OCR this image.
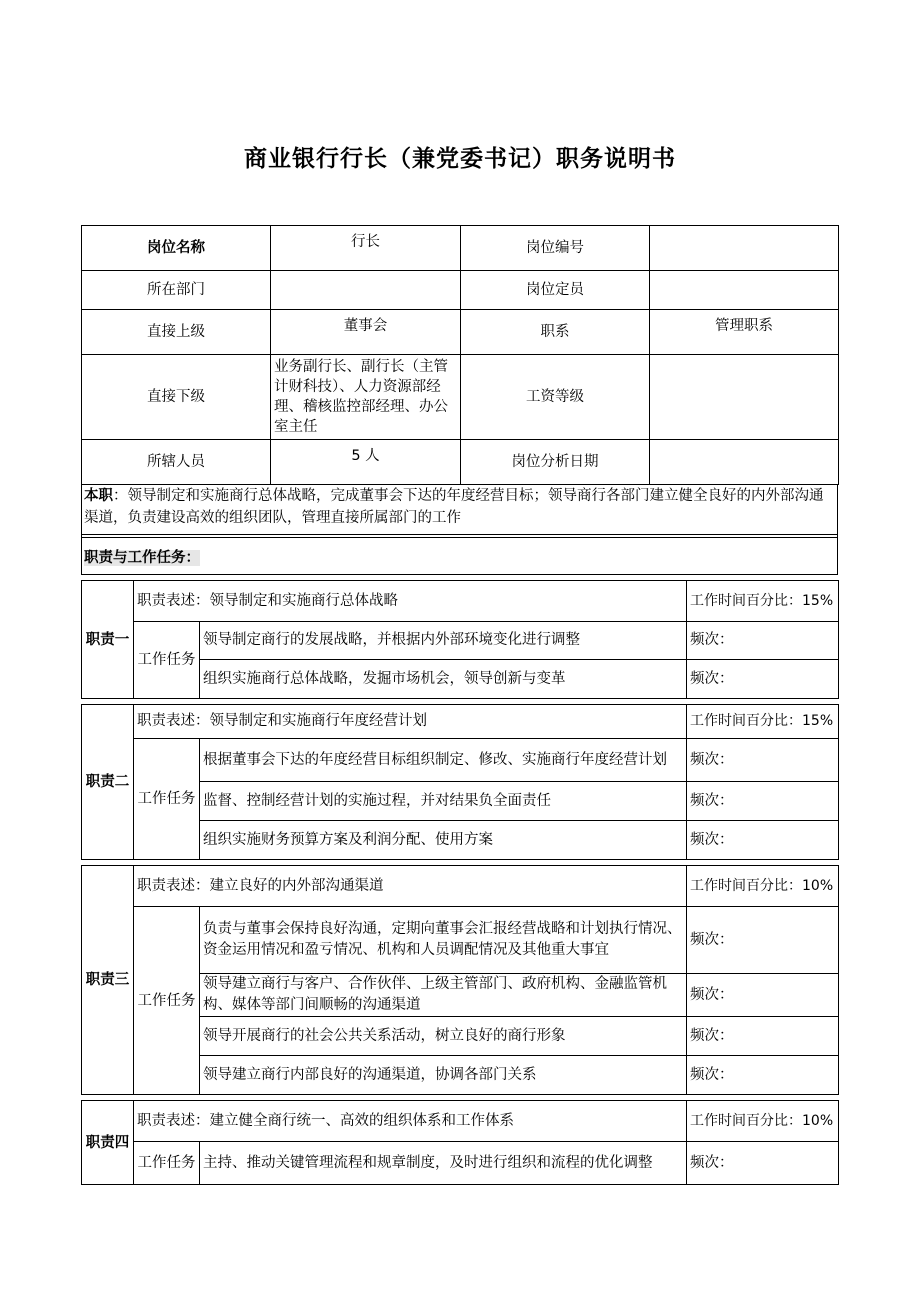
商业银行行长（兼党委书记）职务说明书
岗位名称	行长	岗位编号	
所在部门		岗位定员	
直接上级	董事会	职系	管理职系
直接下级	业务副行长、副行长（主管计财科技）、人力资源部经理、稽核监控部经理、办公室主任	工资等级	
所辖人员	5 人	岗位分析日期	
本职：领导制定和实施商行总体战略，完成董事会下达的年度经营目标；领导商行各部门建立健全良好的内外部沟通渠道，负责建设高效的组织团队，管理直接所属部门的工作
职责与工作任务：
职责一	职责表述：领导制定和实施商行总体战略		工作时间百分比：15%
	工作任务	领导制定商行的发展战略，并根据内外部环境变化进行调整	频次：
		组织实施商行总体战略，发掘市场机会，领导创新与变革	频次：
职责二	职责表述：领导制定和实施商行年度经营计划		工作时间百分比：15%
	工作任务	根据董事会下达的年度经营目标组织制定、修改、实施商行年度经营计划	频次：
		监督、控制经营计划的实施过程，并对结果负全面责任	频次：
		组织实施财务预算方案及利润分配、使用方案	频次：
职责三	职责表述：建立良好的内外部沟通渠道		工作时间百分比：10%
	工作任务	负责与董事会保持良好沟通，定期向董事会汇报经营战略和计划执行情况、资金运用情况和盈亏情况、机构和人员调配情况及其他重大事宜	频次：
		领导建立商行与客户、合作伙伴、上级主管部门、政府机构、金融监管机构、媒体等部门间顺畅的沟通渠道	频次：
		领导开展商行的社会公共关系活动，树立良好的商行形象	频次：
		领导建立商行内部良好的沟通渠道，协调各部门关系	频次：
职责四	职责表述：建立健全商行统一、高效的组织体系和工作体系		工作时间百分比：10%
	工作任务	主持、推动关键管理流程和规章制度，及时进行组织和流程的优化调整	频次：
